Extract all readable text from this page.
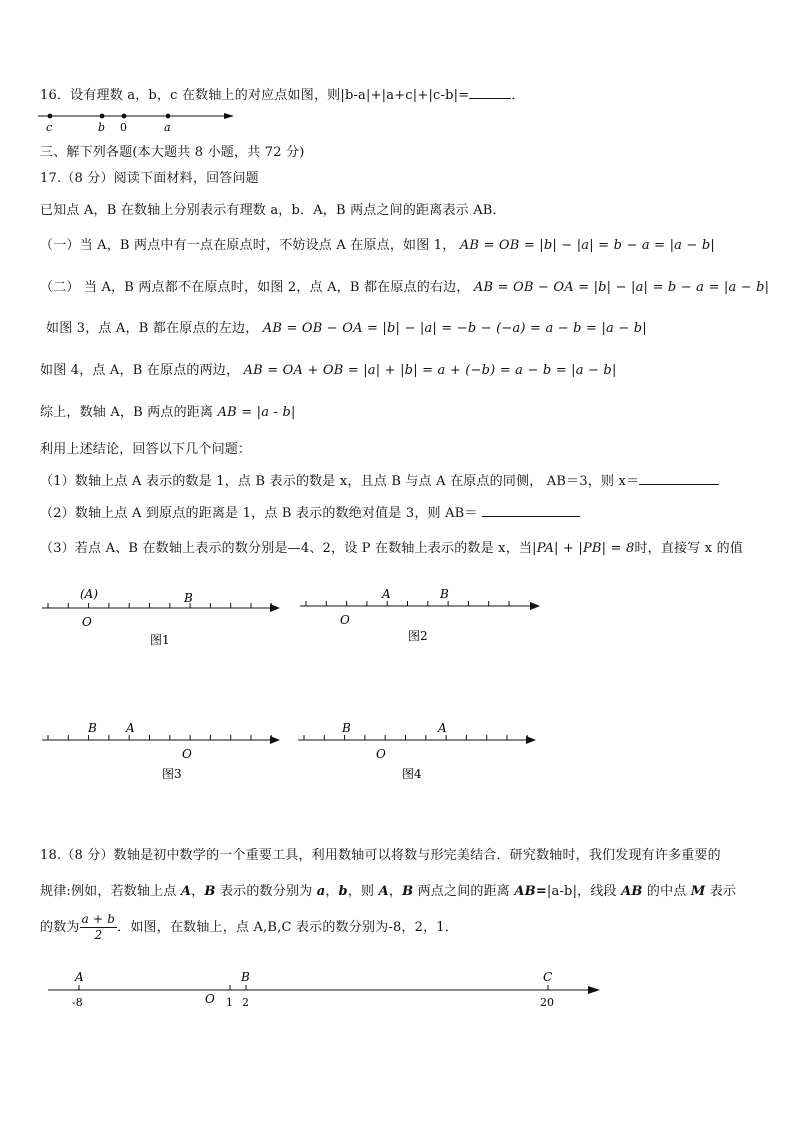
16．设有理数 a，b，c 在数轴上的对应点如图，则|b-a|+|a+c|+|c-b|=	．
c	b 0	a
三、解下列各题(本大题共 8 小题，共 72 分)
17.（8 分）阅读下面材料，回答问题
已知点 A，B 在数轴上分别表示有理数 a，b．A，B 两点之间的距离表示 AB．
（一）当 A，B 两点中有一点在原点时，不妨设点 A 在原点，如图 1， AB = OB = |b| − |a| = b − a = |a − b|
（二） 当 A，B 两点都不在原点时，如图 2，点 A，B 都在原点的右边， AB = OB − OA = |b| − |a| = b − a = |a − b|
如图 3，点 A，B 都在原点的左边， AB = OB − OA = |b| − |a| = −b − (−a) = a − b = |a − b|
如图 4，点 A，B 在原点的两边， AB = OA + OB = |a| + |b| = a + (−b) = a − b = |a − b|
综上，数轴 A，B 两点的距离 AB = |a - b|
利用上述结论，回答以下几个问题：
（1）数轴上点 A 表示的数是 1，点 B 表示的数是 x，且点 B 与点 A 在原点的同侧， AB＝3，则 x＝
（2）数轴上点 A 到原点的距离是 1，点 B 表示的数绝对值是 3，则 AB＝
（3）若点 A、B 在数轴上表示的数分别是—4、2，设 P 在数轴上表示的数是 x，当|PA| + |PB| = 8时，直接写 x 的值
(A)	B
O
图1
A	B
O
图2
B A
O
图3
B	A
O
图4
18.（8 分）数轴是初中数学的一个重要工具，利用数轴可以将数与形完美结合．研究数轴时，我们发现有许多重要的
规律:例如，若数轴上点 A，B 表示的数分别为 a，b，则 A，B 两点之间的距离 AB=|a-b|，线段 AB 的中点 M 表示
的数为 $\frac{a + b}{2}$ ．如图，在数轴上，点 A,B,C 表示的数分别为-8，2，1．
A	B	C
O
-8	1 2	20
